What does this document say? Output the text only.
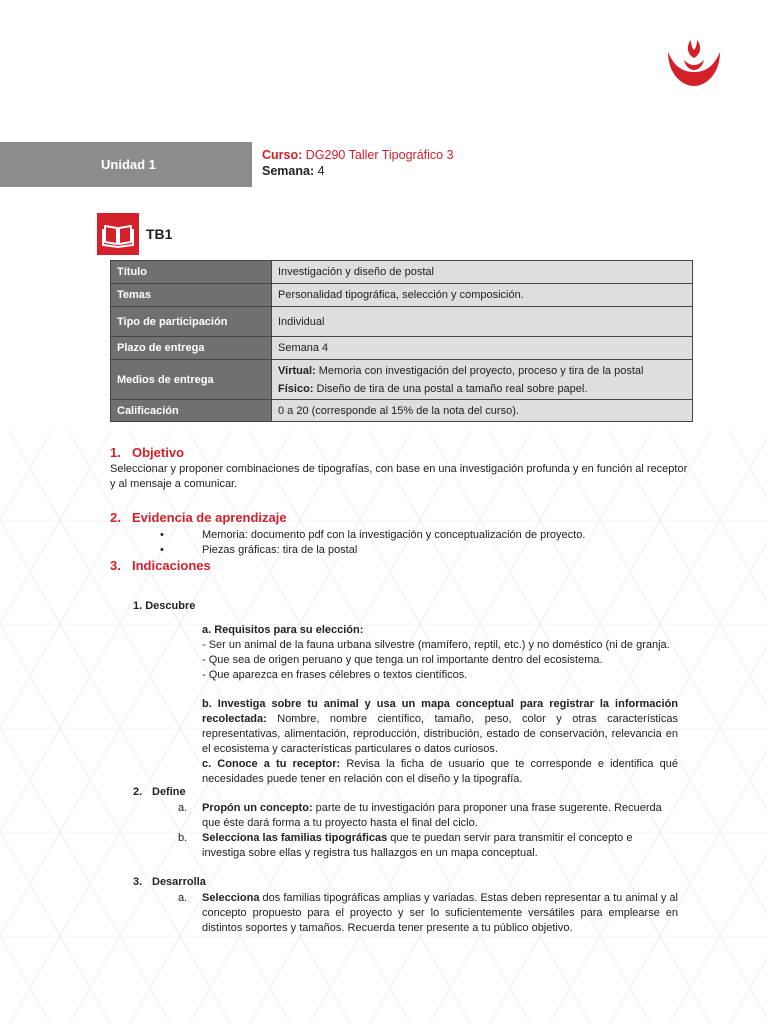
Unidad 1
Curso: DG290 Taller Tipográfico 3
Semana: 4
TB1
Título	Investigación y diseño de postal
Temas	Personalidad tipográfica, selección y composición.
Tipo de participación	Individual
Plazo de entrega	Semana 4
Medios de entrega	Virtual: Memoria con investigación del proyecto, proceso y tira de la postal
Físico: Diseño de tira de una postal a tamaño real sobre papel.

Calificación	0 a 20 (corresponde al 15% de la nota del curso).
1. Objetivo
Seleccionar y proponer combinaciones de tipografías, con base en una investigación profunda y en función al receptor y al mensaje a comunicar.
2. Evidencia de aprendizaje
•	Memoria: documento pdf con la investigación y conceptualización de proyecto.
•	Piezas gráficas: tira de la postal
3. Indicaciones
1. Descubre
a. Requisitos para su elección:
- Ser un animal de la fauna urbana silvestre (mamífero, reptil, etc.) y no doméstico (ni de granja.
- Que sea de origen peruano y que tenga un rol importante dentro del ecosistema.
- Que aparezca en frases célebres o textos científicos.
b. Investiga sobre tu animal y usa un mapa conceptual para registrar la información recolectada: Nombre, nombre científico, tamaño, peso, color y otras características representativas, alimentación, reproducción, distribución, estado de conservación, relevancia en el ecosistema y características particulares o datos curiosos.
c. Conoce a tu receptor: Revisa la ficha de usuario que te corresponde e identifica qué necesidades puede tener en relación con el diseño y la tipografía.
2. Define
a.	Propón un concepto: parte de tu investigación para proponer una frase sugerente. Recuerda que éste dará forma a tu proyecto hasta el final del ciclo.
b.	Selecciona las familias tipográficas que te puedan servir para transmitir el concepto e investiga sobre ellas y registra tus hallazgos en un mapa conceptual.
3. Desarrolla
a.	Selecciona dos familias tipográficas amplias y variadas. Estas deben representar a tu animal y al concepto propuesto para el proyecto y ser lo suficientemente versátiles para emplearse en distintos soportes y tamaños. Recuerda tener presente a tu público objetivo.
